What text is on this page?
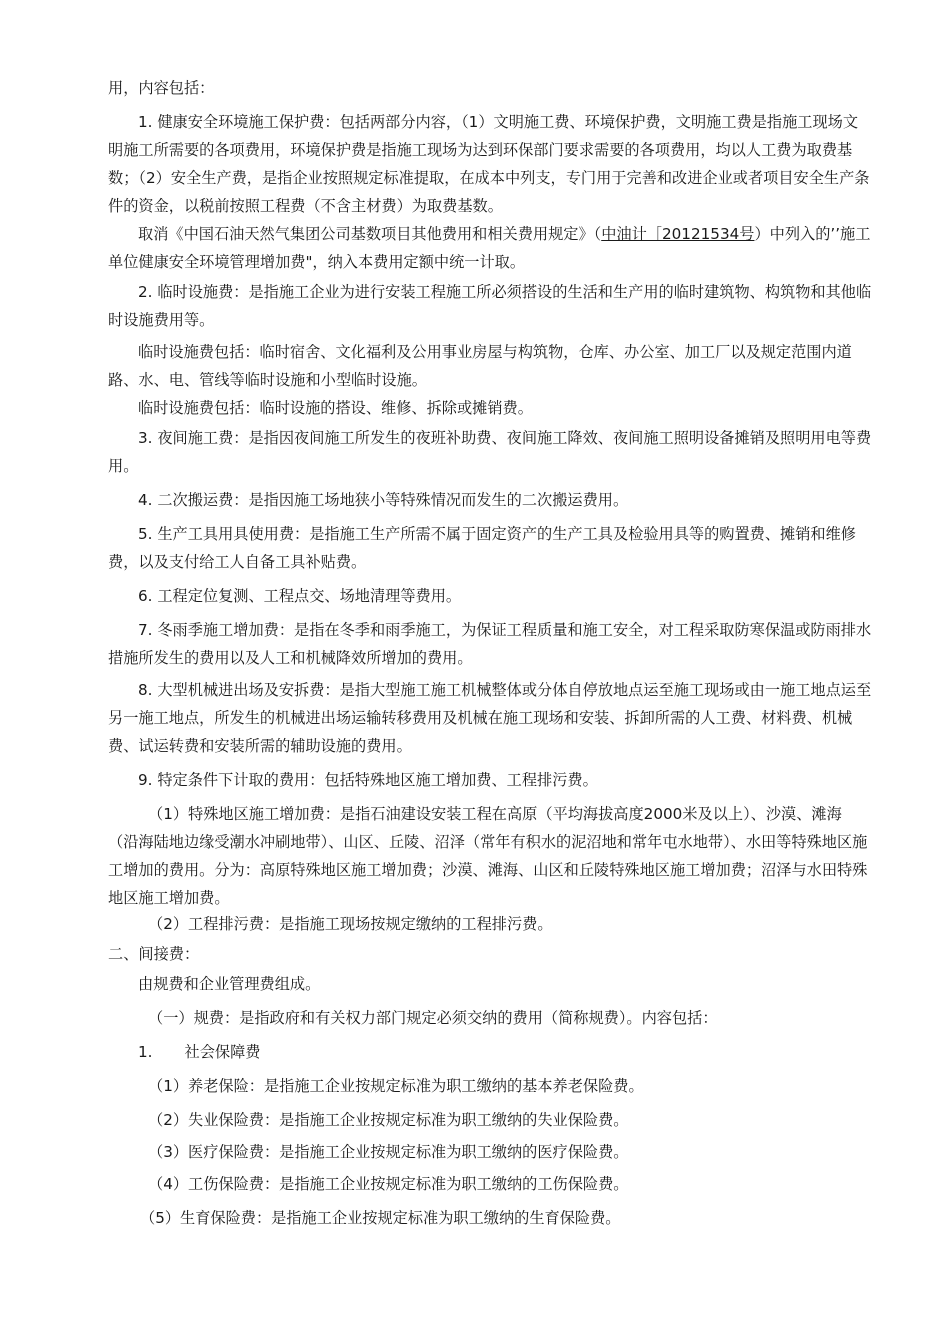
用，内容包括：

1. 健康安全环境施工保护费：包括两部分内容，（1）文明施工费、环境保护费，文明施工费是指施工现场文明施工所需要的各项费用，环境保护费是指施工现场为达到环保部门要求需要的各项费用，均以人工费为取费基数；（2）安全生产费，是指企业按照规定标准提取，在成本中列支，专门用于完善和改进企业或者项目安全生产条件的资金，以税前按照工程费（不含主材费）为取费基数。

取消《中国石油天然气集团公司基数项目其他费用和相关费用规定》（中油计［20121534号）中列入的’’施工单位健康安全环境管理增加费"，纳入本费用定额中统一计取。

2. 临时设施费：是指施工企业为进行安装工程施工所必须搭设的生活和生产用的临时建筑物、构筑物和其他临时设施费用等。

临时设施费包括：临时宿舍、文化福利及公用事业房屋与构筑物，仓库、办公室、加工厂以及规定范围内道路、水、电、管线等临时设施和小型临时设施。

临时设施费包括：临时设施的搭设、维修、拆除或摊销费。

3. 夜间施工费：是指因夜间施工所发生的夜班补助费、夜间施工降效、夜间施工照明设备摊销及照明用电等费用。

4. 二次搬运费：是指因施工场地狭小等特殊情况而发生的二次搬运费用。

5. 生产工具用具使用费：是指施工生产所需不属于固定资产的生产工具及检验用具等的购置费、摊销和维修费，以及支付给工人自备工具补贴费。

6. 工程定位复测、工程点交、场地清理等费用。

7. 冬雨季施工增加费：是指在冬季和雨季施工，为保证工程质量和施工安全，对工程采取防寒保温或防雨排水措施所发生的费用以及人工和机械降效所增加的费用。

8. 大型机械进出场及安拆费：是指大型施工施工机械整体或分体自停放地点运至施工现场或由一施工地点运至另一施工地点，所发生的机械进出场运输转移费用及机械在施工现场和安装、拆卸所需的人工费、材料费、机械费、试运转费和安装所需的辅助设施的费用。

9. 特定条件下计取的费用：包括特殊地区施工增加费、工程排污费。

（1）特殊地区施工增加费：是指石油建设安装工程在高原（平均海拔高度2000米及以上）、沙漠、滩海（沿海陆地边缘受潮水冲刷地带）、山区、丘陵、沼泽（常年有积水的泥沼地和常年屯水地带）、水田等特殊地区施工增加的费用。分为：高原特殊地区施工增加费；沙漠、滩海、山区和丘陵特殊地区施工增加费；沼泽与水田特殊地区施工增加费。

（2）工程排污费：是指施工现场按规定缴纳的工程排污费。

二、间接费：

由规费和企业管理费组成。

（一）规费：是指政府和有关权力部门规定必须交纳的费用（简称规费）。内容包括：

1. 社会保障费

（1）养老保险：是指施工企业按规定标准为职工缴纳的基本养老保险费。

（2）失业保险费：是指施工企业按规定标准为职工缴纳的失业保险费。

（3）医疗保险费：是指施工企业按规定标准为职工缴纳的医疗保险费。

（4）工伤保险费：是指施工企业按规定标准为职工缴纳的工伤保险费。

（5）生育保险费：是指施工企业按规定标准为职工缴纳的生育保险费。
